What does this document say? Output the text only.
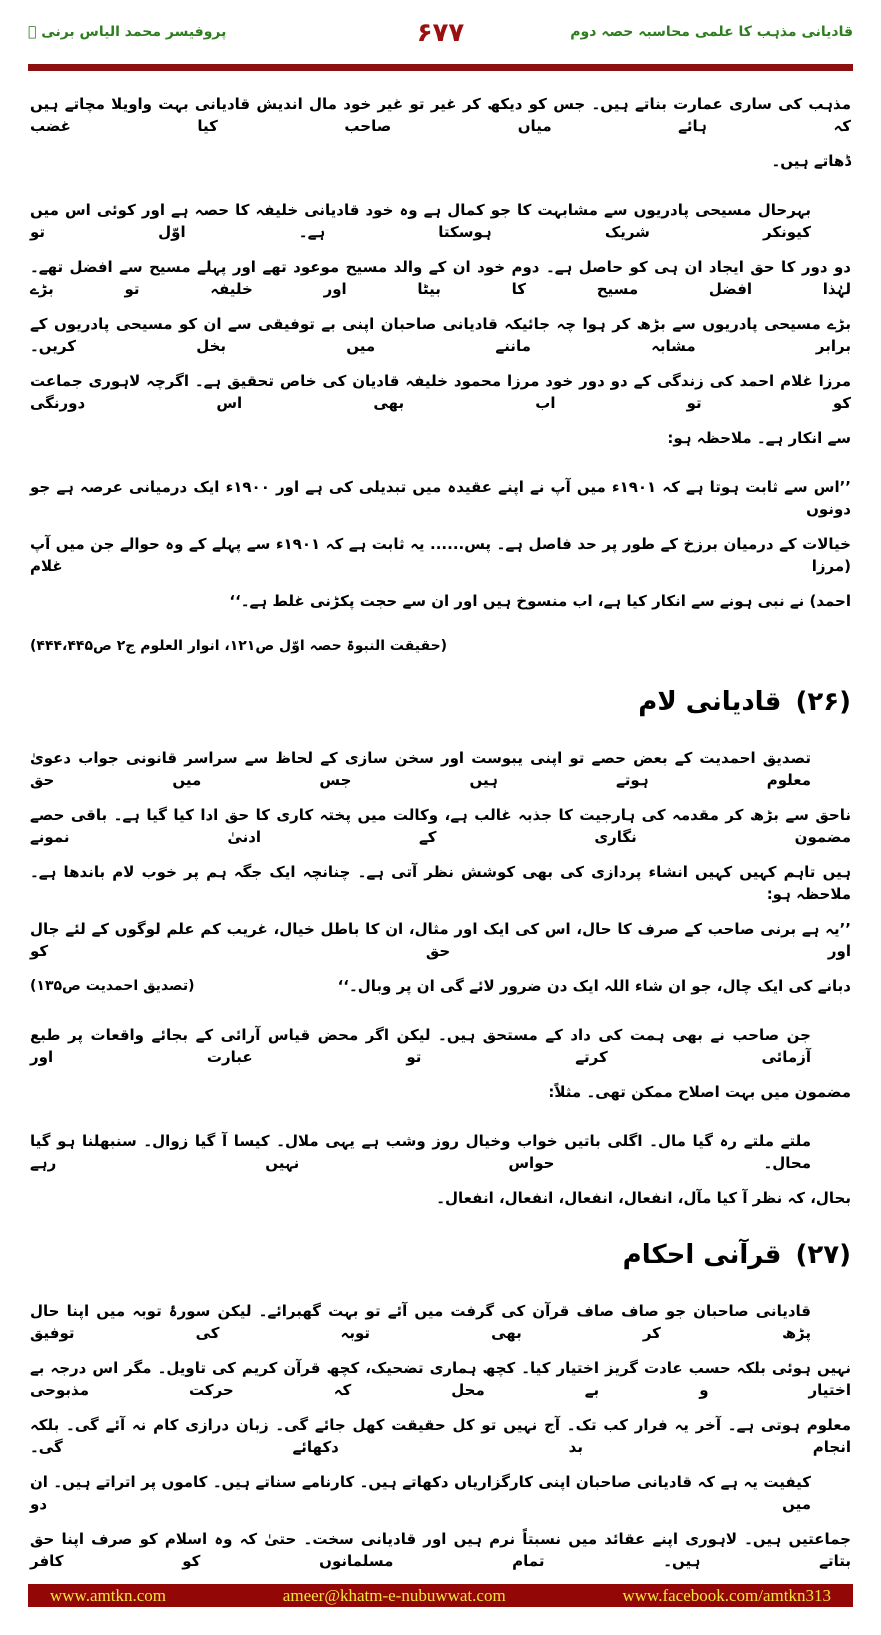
قادیانی مذہب کا علمی محاسبہ حصہ دوم
۶۷۷
پروفیسر محمد الیاس برنی ﷫
مذہب کی ساری عمارت بناتے ہیں۔ جس کو دیکھ کر غیر تو غیر خود مال اندیش قادیانی بہت واویلا مچاتے ہیں کہ ہائے میاں صاحب کیا غضب
ڈھاتے ہیں۔
بہرحال مسیحی پادریوں سے مشابہت کا جو کمال ہے وہ خود قادیانی خلیفہ کا حصہ ہے اور کوئی اس میں کیونکر شریک ہوسکتا ہے۔ اوّل تو
دو دور کا حق ایجاد ان ہی کو حاصل ہے۔ دوم خود ان کے والد مسیح موعود تھے اور پہلے مسیح سے افضل تھے۔ لہٰذا افضل مسیح کا بیٹا اور خلیفہ تو بڑے
بڑے مسیحی پادریوں سے بڑھ کر ہوا چہ جائیکہ قادیانی صاحبان اپنی بے توفیقی سے ان کو مسیحی پادریوں کے برابر مشابہ ماننے میں بخل کریں۔
مرزا غلام احمد کی زندگی کے دو دور خود مرزا محمود خلیفہ قادیان کی خاص تحقیق ہے۔ اگرچہ لاہوری جماعت کو تو اب بھی اس دورنگی
سے انکار ہے۔ ملاحظہ ہو:
’’اس سے ثابت ہوتا ہے کہ ۱۹۰۱ء میں آپ نے اپنے عقیدہ میں تبدیلی کی ہے اور ۱۹۰۰ء ایک درمیانی عرصہ ہے جو دونوں
خیالات کے درمیان برزخ کے طور پر حد فاصل ہے۔ پس...... یہ ثابت ہے کہ ۱۹۰۱ء سے پہلے کے وہ حوالے جن میں آپ (مرزا غلام
احمد) نے نبی ہونے سے انکار کیا ہے، اب منسوخ ہیں اور ان سے حجت پکڑنی غلط ہے۔‘‘
(حقیقت النبوۃ حصہ اوّل ص۱۲۱، انوار العلوم ج۲ ص۴۴۴،۴۴۵)
(۲۶)قادیانی لام
تصدیق احمدیت کے بعض حصے تو اپنی یبوست اور سخن سازی کے لحاظ سے سراسر قانونی جواب دعویٰ معلوم ہوتے ہیں جس میں حق
ناحق سے بڑھ کر مقدمہ کی ہارجیت کا جذبہ غالب ہے، وکالت میں پختہ کاری کا حق ادا کیا گیا ہے۔ باقی حصے مضمون نگاری کے ادنیٰ نمونے
ہیں تاہم کہیں کہیں انشاء پردازی کی بھی کوشش نظر آتی ہے۔ چنانچہ ایک جگہ ہم پر خوب لام باندھا ہے۔ ملاحظہ ہو:
’’یہ ہے برنی صاحب کے صرف کا حال، اس کی ایک اور مثال، ان کا باطل خیال، غریب کم علم لوگوں کے لئے جال اور حق کو
دبانے کی ایک چال، جو ان شاء اللہ ایک دن ضرور لائے گی ان پر وبال۔‘‘
(تصدیق احمدیت ص۱۳۵)
جن صاحب نے بھی ہمت کی داد کے مستحق ہیں۔ لیکن اگر محض قیاس آرائی کے بجائے واقعات پر طبع آزمائی کرتے تو عبارت اور
مضمون میں بہت اصلاح ممکن تھی۔ مثلاً:
ملتے ملتے رہ گیا مال۔ اگلی باتیں خواب وخیال روز وشب ہے یہی ملال۔ کیسا آ گیا زوال۔ سنبھلنا ہو گیا محال۔ حواس نہیں رہے
بحال، کہ نظر آ کیا مآل، انفعال، انفعال، انفعال، انفعال۔
(۲۷)قرآنی احکام
قادیانی صاحبان جو صاف صاف قرآن کی گرفت میں آئے تو بہت گھبرائے۔ لیکن سورۂ توبہ میں اپنا حال پڑھ کر بھی توبہ کی توفیق
نہیں ہوئی بلکہ حسب عادت گریز اختیار کیا۔ کچھ ہماری تضحیک، کچھ قرآن کریم کی تاویل۔ مگر اس درجہ بے اختیار و بے محل کہ حرکت مذبوحی
معلوم ہوتی ہے۔ آخر یہ فرار کب تک۔ آج نہیں تو کل حقیقت کھل جائے گی۔ زبان درازی کام نہ آئے گی۔ بلکہ انجام بد دکھائے گی۔
کیفیت یہ ہے کہ قادیانی صاحبان اپنی کارگزاریاں دکھاتے ہیں۔ کارنامے سناتے ہیں۔ کاموں پر اتراتے ہیں۔ ان میں دو
جماعتیں ہیں۔ لاہوری اپنے عقائد میں نسبتاً نرم ہیں اور قادیانی سخت۔ حتیٰ کہ وہ اسلام کو صرف اپنا حق بتاتے ہیں۔ تمام مسلمانوں کو کافر
www.amtkn.com	ameer@khatm-e-nubuwwat.com	www.facebook.com/amtkn313
